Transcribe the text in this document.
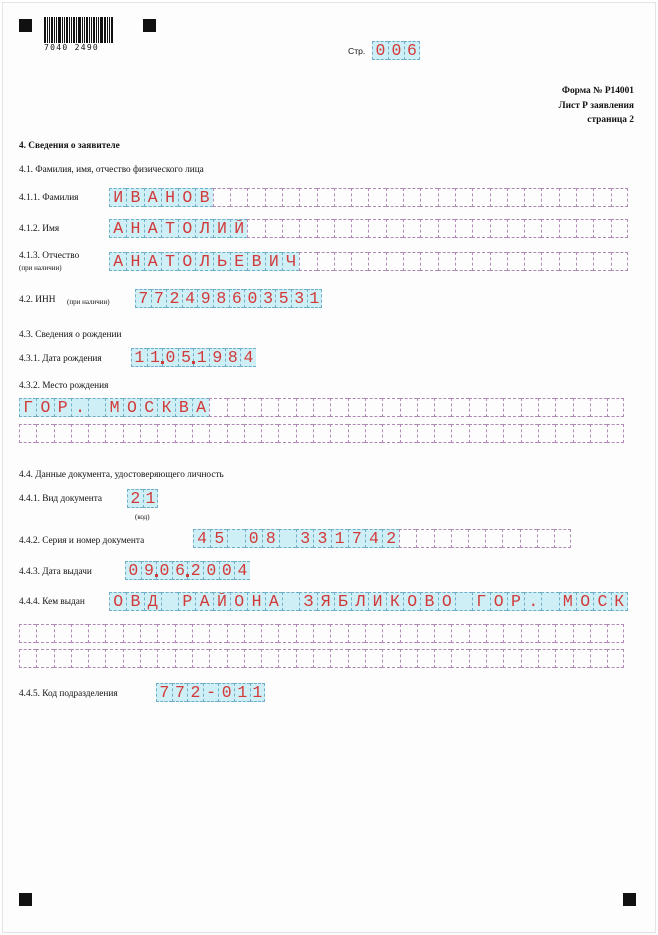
7040 2490	Стр. 0 0 6
Форма № Р14001
Лист Р заявления
страница 2
4. Сведения о заявителе
4.1. Фамилия, имя, отчество физического лица
4.1.1. Фамилия И В А Н О В
4.1.2. Имя	А Н А Т О Л И Й
4.1.3. Отчество
(при наличии)	А Н А Т О Л Ь Е В И Ч
4.2. ИНН (при наличии) 7 7 2 4 9 8 6 0 3 5 3 1
4.3. Сведения о рождении
4.3.1. Дата рождения 1 1 0 5 1 9 8 4
4.3.2. Место рождения
Г О Р . М О С К В А
4.4. Данные документа, удостоверяющего личность
4.4.1. Вид документа 2 1
(код)
4.4.2. Серия и номер документа	4 5 0 8 3 3 1 7 4 2
4.4.3. Дата выдачи 0 9 0 6 2 0 0 4
4.4.4. Кем выдан О В Д Р А Й О Н А З Я Б Л И К О В О Г О Р . М О С К
4.4.5. Код подразделения	7 7 2 - 0 1 1
